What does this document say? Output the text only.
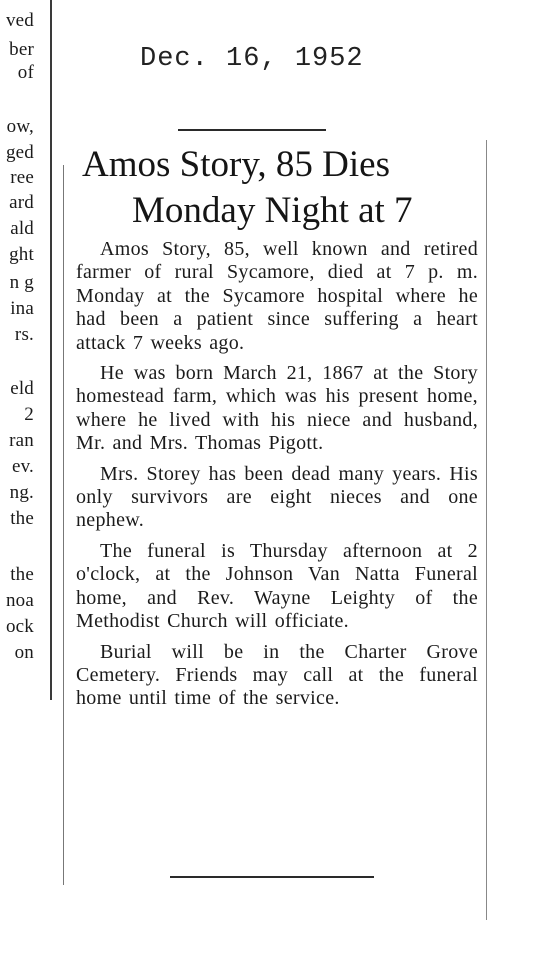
ved
ber
of
ow,
ged
ree
ard
ald
ght
n g
ina
rs.
eld
2
ran
ev.
ng.
the
the
noa
ock
on
Dec. 16, 1952
Amos Story, 85 Dies
Monday Night at 7

Amos Story, 85, well known and retired farmer of rural Sycamore, died at 7 p. m. Monday at the Sycamore hospital where he had been a patient since suffering a heart attack 7 weeks ago.

He was born March 21, 1867 at the Story homestead farm, which was his present home, where he lived with his niece and husband, Mr. and Mrs. Thomas Pigott.

Mrs. Storey has been dead many years. His only survivors are eight nieces and one nephew.

The funeral is Thursday afternoon at 2 o'clock, at the Johnson Van Natta Funeral home, and Rev. Wayne Leighty of the Methodist Church will officiate.

Burial will be in the Charter Grove Cemetery. Friends may call at the funeral home until time of the service.
